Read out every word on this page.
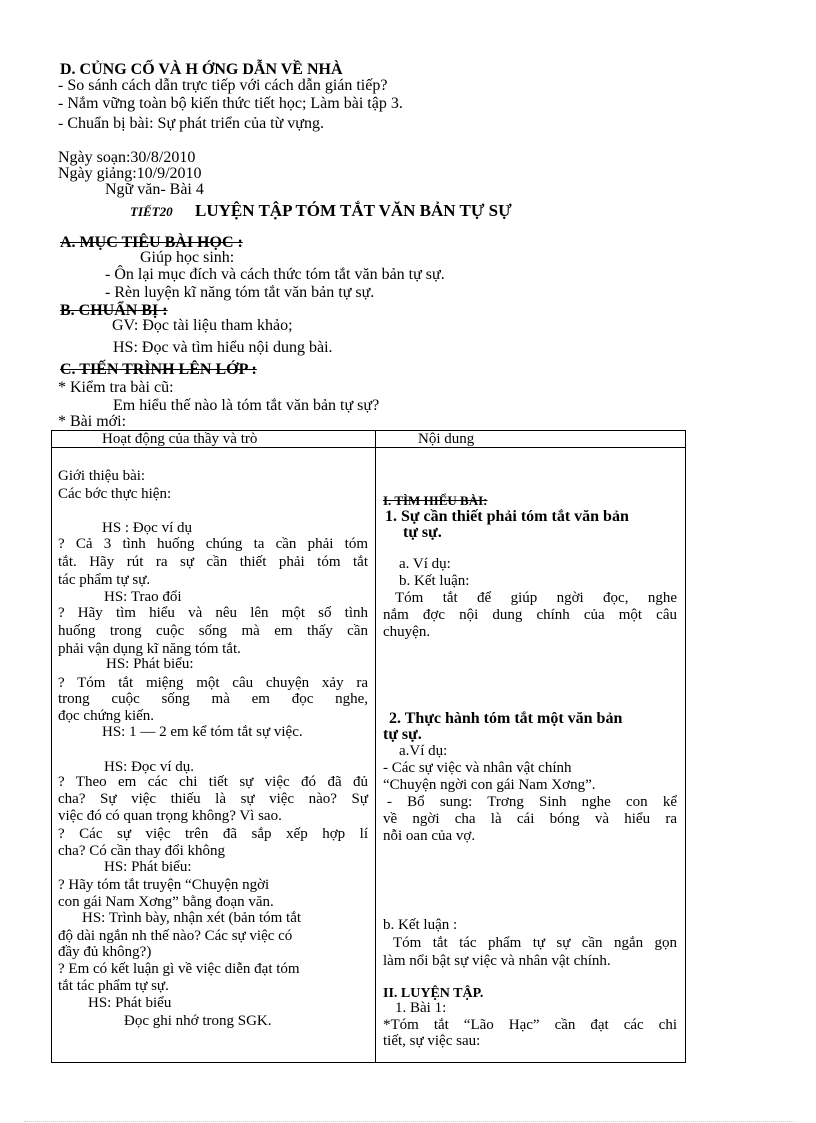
D. CỦNG CỐ VÀ H ỚNG DẪN VỀ NHÀ
- So sánh cách dẫn trực tiếp với cách dẫn gián tiếp?
- Nắm vững toàn bộ kiến thức tiết học; Làm bài tập 3.
- Chuẩn bị bài: Sự phát triển của từ vựng.
Ngày soạn:30/8/2010
Ngày giảng:10/9/2010
Ngữ văn- Bài 4
TIẾT20 LUYỆN TẬP TÓM TẮT VĂN BẢN TỰ SỰ
A. MỤC TIÊU BÀI HỌC :
Giúp học sinh:
- Ôn lại mục đích và cách thức tóm tắt văn bản tự sự.
- Rèn luyện kĩ năng tóm tắt văn bản tự sự.
B. CHUẨN BỊ :
GV: Đọc tài liệu tham khảo;
HS: Đọc và tìm hiểu nội dung bài.
C. TIẾN TRÌNH LÊN LỚP :
* Kiểm tra bài cũ:
Em hiểu thế nào là tóm tắt văn bản tự sự?
* Bài mới:
Hoạt động của thầy và trò	Nội dung
Giới thiệu bài:
Các bớc thực hiện:
HS : Đọc ví dụ
? Cả 3 tình huống chúng ta cần phải tóm
tắt. Hãy rút ra sự cần thiết phải tóm tắt
tác phẩm tự sự.
HS: Trao đổi
? Hãy tìm hiểu và nêu lên một số tình
huống trong cuộc sống mà em thấy cần
phải vận dụng kĩ năng tóm tắt.
HS: Phát biểu:
? Tóm tắt miệng một câu chuyện xảy ra
trong cuộc sống mà em đọc nghe,
đọc chứng kiến.
HS: 1 — 2 em kể tóm tắt sự việc.
HS: Đọc ví dụ.
? Theo em các chi tiết sự việc đó đã đủ
cha? Sự việc thiếu là sự việc nào? Sự
việc đó có quan trọng không? Vì sao.
? Các sự việc trên đã sắp xếp hợp lí
cha? Có cần thay đổi không
HS: Phát biểu:
? Hãy tóm tắt truyện “Chuyện ngời
con gái Nam Xơng” bằng đoạn văn.
HS: Trình bày, nhận xét (bản tóm tắt
độ dài ngắn nh thế nào? Các sự việc có
đầy đủ không?)
? Em có kết luận gì về việc diễn đạt tóm
tắt tác phẩm tự sự.
HS: Phát biểu
Đọc ghi nhớ trong SGK.
I. TÌM HIỂU BÀI:
1. Sự cần thiết phải tóm tắt văn bản
tự sự.
a. Ví dụ:
b. Kết luận:
Tóm tắt để giúp ngời đọc, nghe
nắm đợc nội dung chính của một câu
chuyện.
2. Thực hành tóm tắt một văn bản
tự sự.
a.Ví dụ:
- Các sự việc và nhân vật chính
“Chuyện ngời con gái Nam Xơng”.
- Bổ sung: Trơng Sinh nghe con kể
về ngời cha là cái bóng và hiểu ra
nỗi oan của vợ.
b. Kết luận :
Tóm tắt tác phẩm tự sự cần ngắn gọn
làm nổi bật sự việc và nhân vật chính.
II. LUYỆN TẬP.
1. Bài 1:
*Tóm tắt “Lão Hạc” cần đạt các chi
tiết, sự việc sau:
